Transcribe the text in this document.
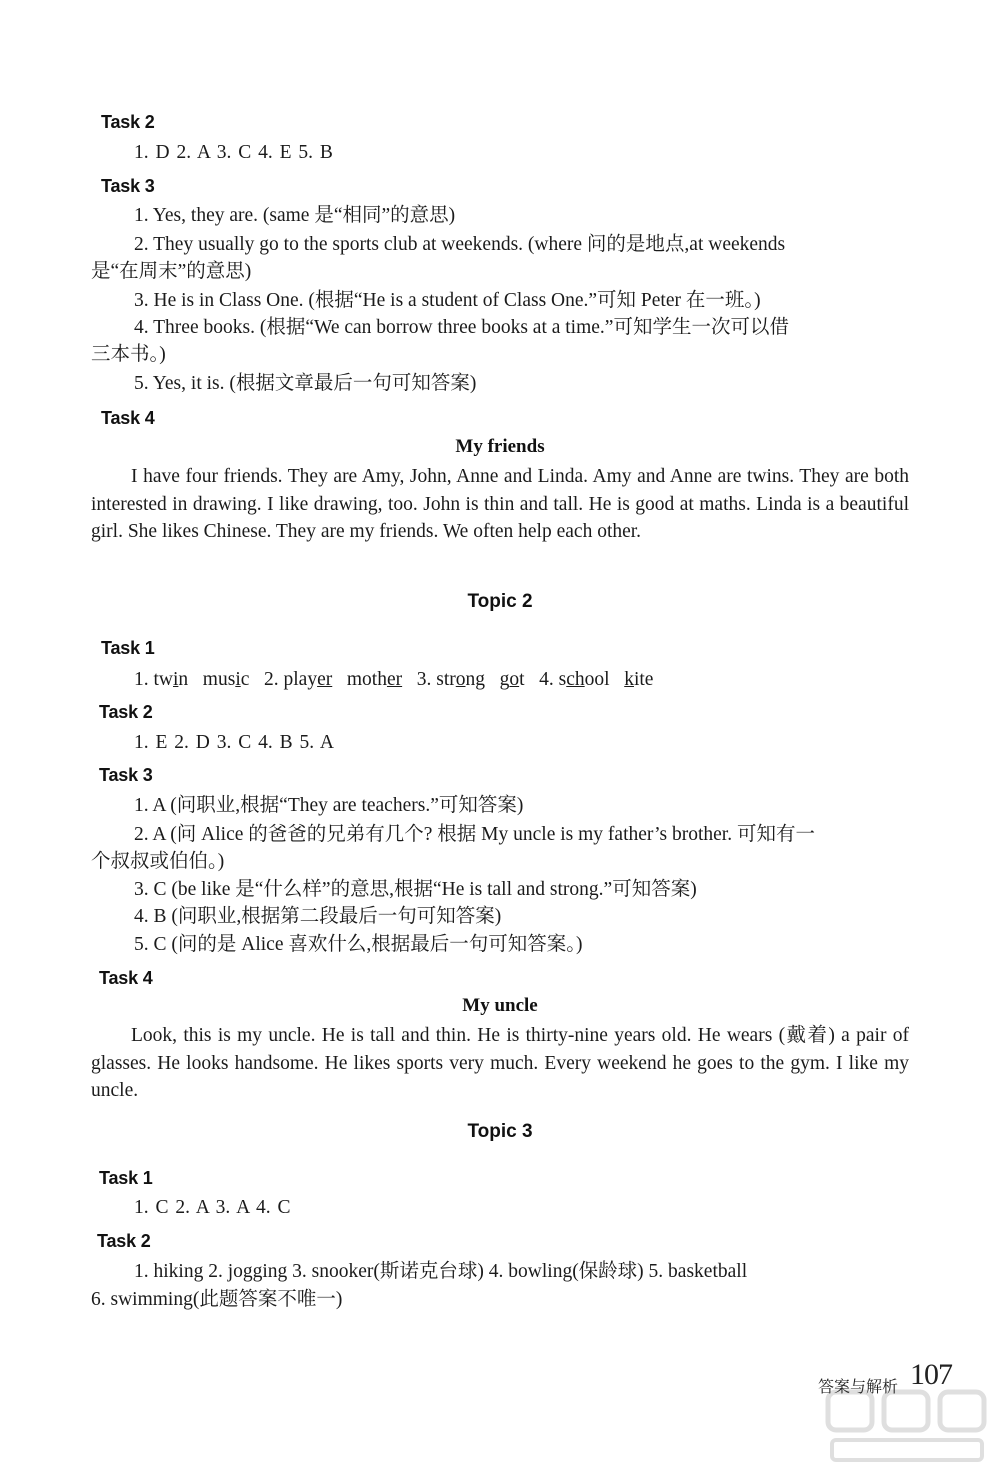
Task 2
1. D 2. A 3. C 4. E 5. B
Task 3
1. Yes, they are. (same 是“相同”的意思)
2. They usually go to the sports club at weekends. (where 问的是地点,at weekends
是“在周末”的意思)
3. He is in Class One. (根据“He is a student of Class One.”可知 Peter 在一班。)
4. Three books. (根据“We can borrow three books at a time.”可知学生一次可以借
三本书。)
5. Yes, it is. (根据文章最后一句可知答案)
Task 4
My friends
I have four friends. They are Amy, John, Anne and Linda. Amy and Anne are twins. They are both interested in drawing. I like drawing, too. John is thin and tall. He is good at maths. Linda is a beautiful girl. She likes Chinese. They are my friends. We often help each other.
Topic 2
Task 1
1. twin music 2. player mother 3. strong got 4. school kite
Task 2
1. E 2. D 3. C 4. B 5. A
Task 3
1. A (问职业,根据“They are teachers.”可知答案)
2. A (问 Alice 的爸爸的兄弟有几个? 根据 My uncle is my father’s brother. 可知有一
个叔叔或伯伯。)
3. C (be like 是“什么样”的意思,根据“He is tall and strong.”可知答案)
4. B (问职业,根据第二段最后一句可知答案)
5. C (问的是 Alice 喜欢什么,根据最后一句可知答案。)
Task 4
My uncle
Look, this is my uncle. He is tall and thin. He is thirty-nine years old. He wears (戴着) a pair of glasses. He looks handsome. He likes sports very much. Every weekend he goes to the gym. I like my uncle.
Topic 3
Task 1
1. C 2. A 3. A 4. C
Task 2
1. hiking 2. jogging 3. snooker(斯诺克台球) 4. bowling(保龄球) 5. basketball
6. swimming(此题答案不唯一)
答案与解析 107
